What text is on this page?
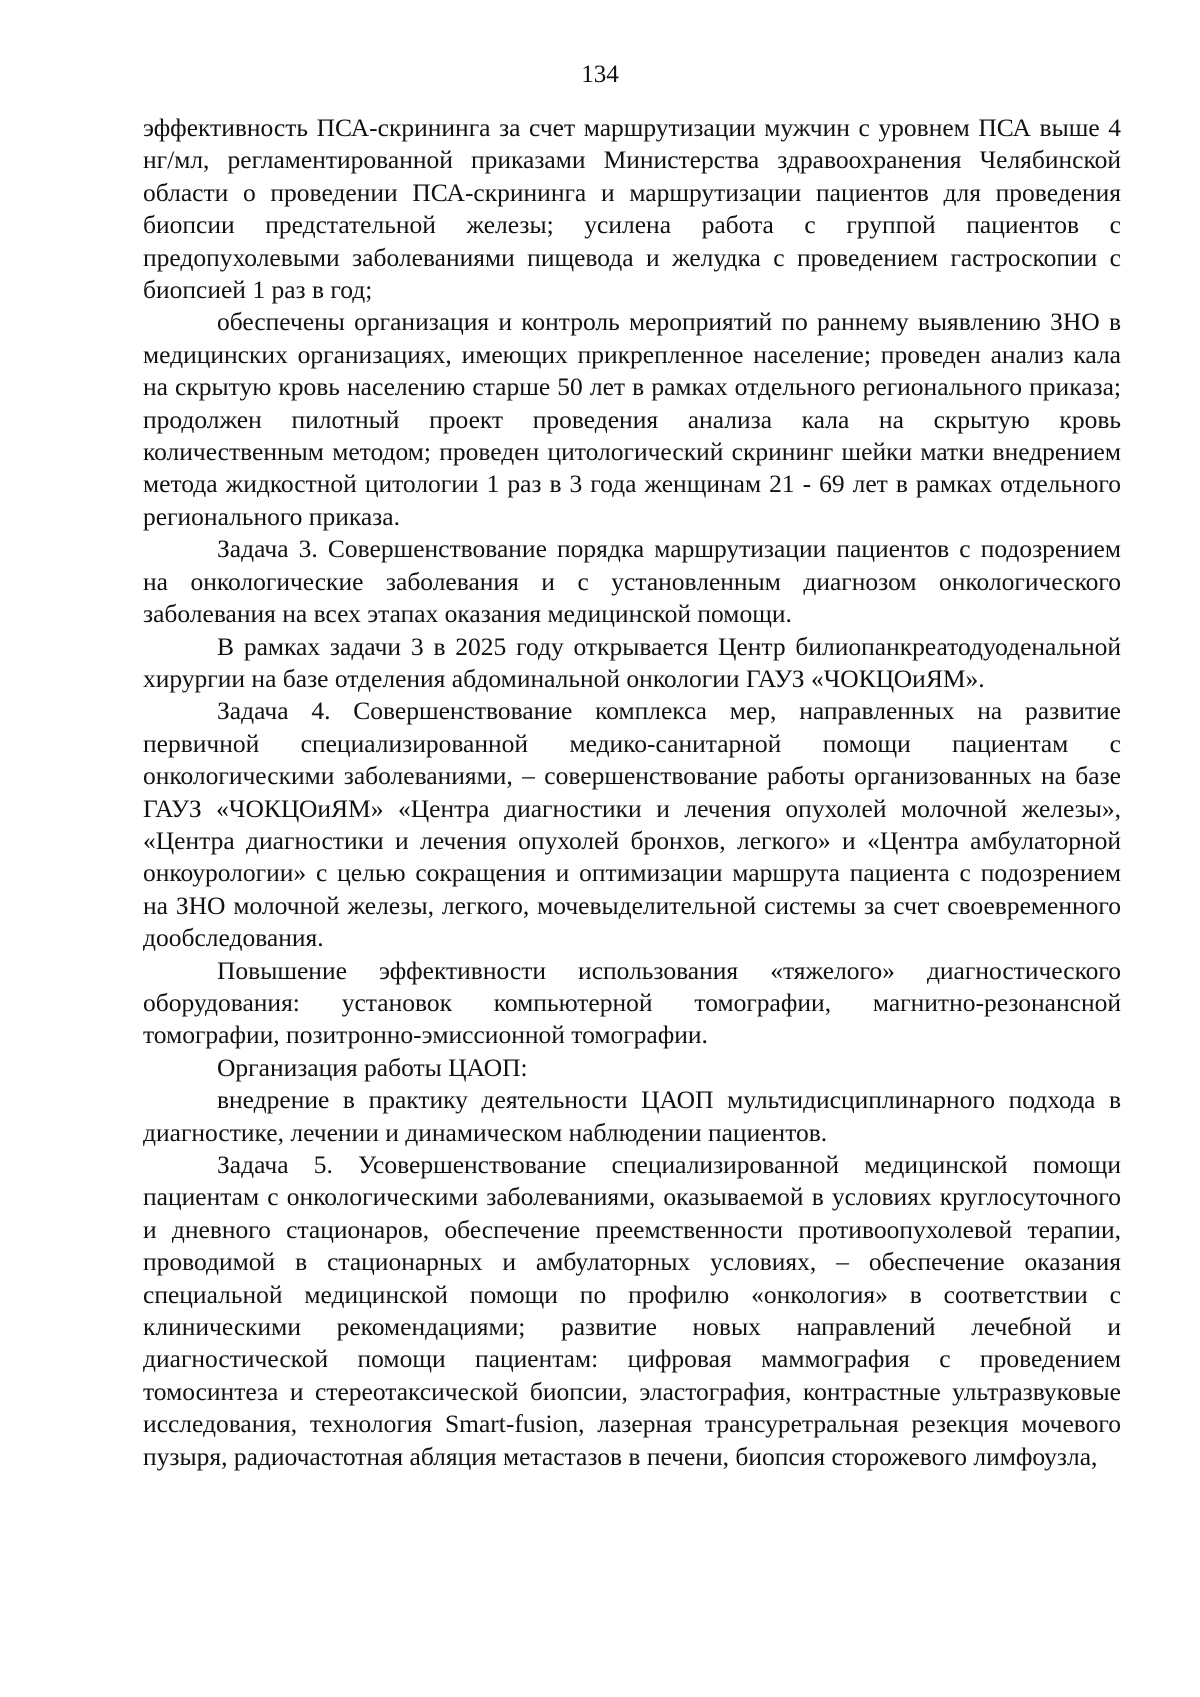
134

эффективность ПСА-скрининга за счет маршрутизации мужчин с уровнем ПСА выше 4 нг/мл, регламентированной приказами Министерства здравоохранения Челябинской области о проведении ПСА-скрининга и маршрутизации пациентов для проведения биопсии предстательной железы; усилена работа с группой пациентов с предопухолевыми заболеваниями пищевода и желудка с проведением гастроскопии с биопсией 1 раз в год;

обеспечены организация и контроль мероприятий по раннему выявлению ЗНО в медицинских организациях, имеющих прикрепленное население; проведен анализ кала на скрытую кровь населению старше 50 лет в рамках отдельного регионального приказа; продолжен пилотный проект проведения анализа кала на скрытую кровь количественным методом; проведен цитологический скрининг шейки матки внедрением метода жидкостной цитологии 1 раз в 3 года женщинам 21 - 69 лет в рамках отдельного регионального приказа.

Задача 3. Совершенствование порядка маршрутизации пациентов с подозрением на онкологические заболевания и с установленным диагнозом онкологического заболевания на всех этапах оказания медицинской помощи.

В рамках задачи 3 в 2025 году открывается Центр билиопанкреатодуоденальной хирургии на базе отделения абдоминальной онкологии ГАУЗ «ЧОКЦОиЯМ».

Задача 4. Совершенствование комплекса мер, направленных на развитие первичной специализированной медико-санитарной помощи пациентам с онкологическими заболеваниями, – совершенствование работы организованных на базе ГАУЗ «ЧОКЦОиЯМ» «Центра диагностики и лечения опухолей молочной железы», «Центра диагностики и лечения опухолей бронхов, легкого» и «Центра амбулаторной онкоурологии» с целью сокращения и оптимизации маршрута пациента с подозрением на ЗНО молочной железы, легкого, мочевыделительной системы за счет своевременного дообследования.

Повышение эффективности использования «тяжелого» диагностического оборудования: установок компьютерной томографии, магнитно-резонансной томографии, позитронно-эмиссионной томографии.

Организация работы ЦАОП:

внедрение в практику деятельности ЦАОП мультидисциплинарного подхода в диагностике, лечении и динамическом наблюдении пациентов.

Задача 5. Усовершенствование специализированной медицинской помощи пациентам с онкологическими заболеваниями, оказываемой в условиях круглосуточного и дневного стационаров, обеспечение преемственности противоопухолевой терапии, проводимой в стационарных и амбулаторных условиях, – обеспечение оказания специальной медицинской помощи по профилю «онкология» в соответствии с клиническими рекомендациями; развитие новых направлений лечебной и диагностической помощи пациентам: цифровая маммография с проведением томосинтеза и стереотаксической биопсии, эластография, контрастные ультразвуковые исследования, технология Smart-fusion, лазерная трансуретральная резекция мочевого пузыря, радиочастотная абляция метастазов в печени, биопсия сторожевого лимфоузла,
